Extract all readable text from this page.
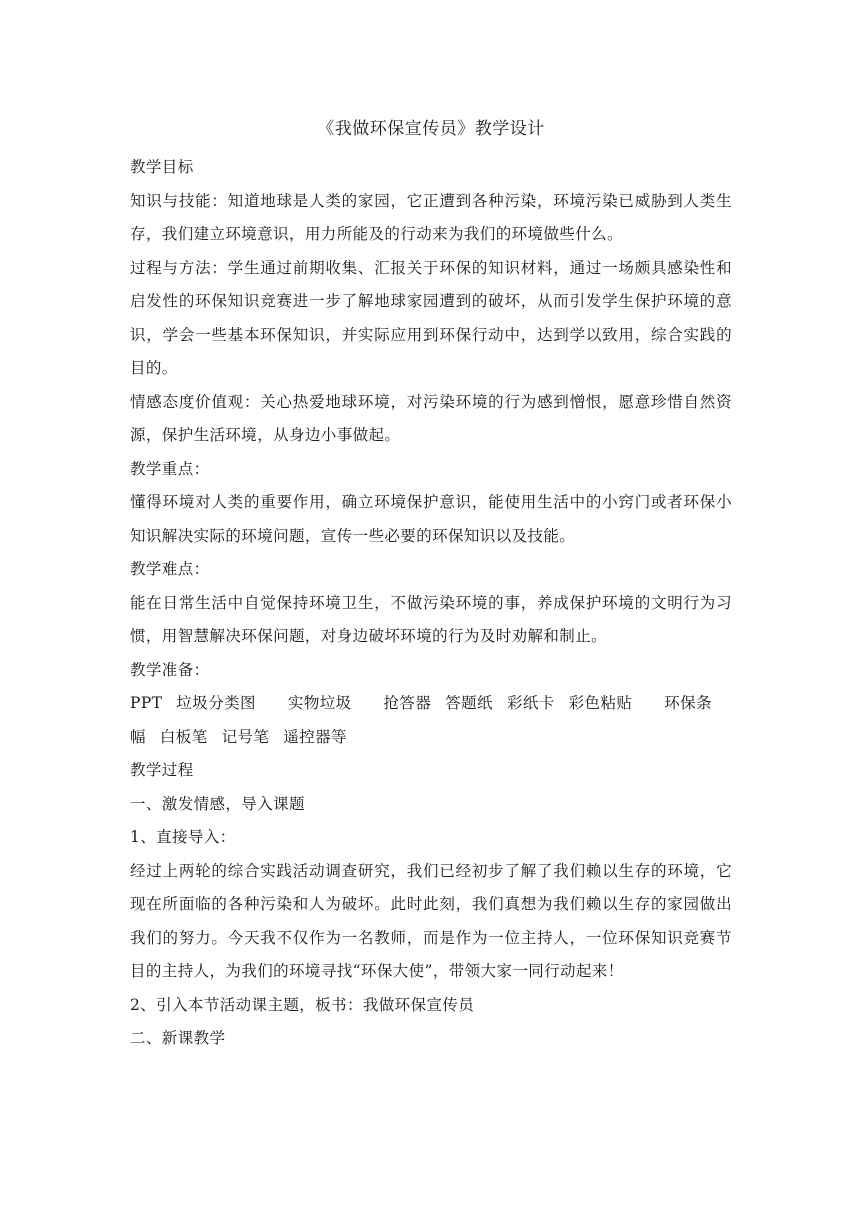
《我做环保宣传员》教学设计

教学目标

知识与技能：知道地球是人类的家园，它正遭到各种污染，环境污染已威胁到人类生存，我们建立环境意识，用力所能及的行动来为我们的环境做些什么。

过程与方法：学生通过前期收集、汇报关于环保的知识材料，通过一场颇具感染性和启发性的环保知识竞赛进一步了解地球家园遭到的破坏，从而引发学生保护环境的意识，学会一些基本环保知识，并实际应用到环保行动中，达到学以致用，综合实践的目的。

情感态度价值观：关心热爱地球环境，对污染环境的行为感到憎恨，愿意珍惜自然资源，保护生活环境，从身边小事做起。

教学重点：

懂得环境对人类的重要作用，确立环境保护意识，能使用生活中的小窍门或者环保小知识解决实际的环境问题，宣传一些必要的环保知识以及技能。

教学难点：

能在日常生活中自觉保持环境卫生，不做污染环境的事，养成保护环境的文明行为习惯，用智慧解决环保问题，对身边破坏环境的行为及时劝解和制止。

教学准备：

PPT 垃圾分类图 实物垃圾 抢答器 答题纸 彩纸卡 彩色粘贴 环保条幅 白板笔 记号笔 遥控器等

教学过程

一、激发情感，导入课题

1、直接导入：

经过上两轮的综合实践活动调查研究，我们已经初步了解了我们赖以生存的环境，它现在所面临的各种污染和人为破坏。此时此刻，我们真想为我们赖以生存的家园做出我们的努力。今天我不仅作为一名教师，而是作为一位主持人，一位环保知识竞赛节目的主持人，为我们的环境寻找“环保大使”，带领大家一同行动起来！

2、引入本节活动课主题，板书：我做环保宣传员

二、新课教学
